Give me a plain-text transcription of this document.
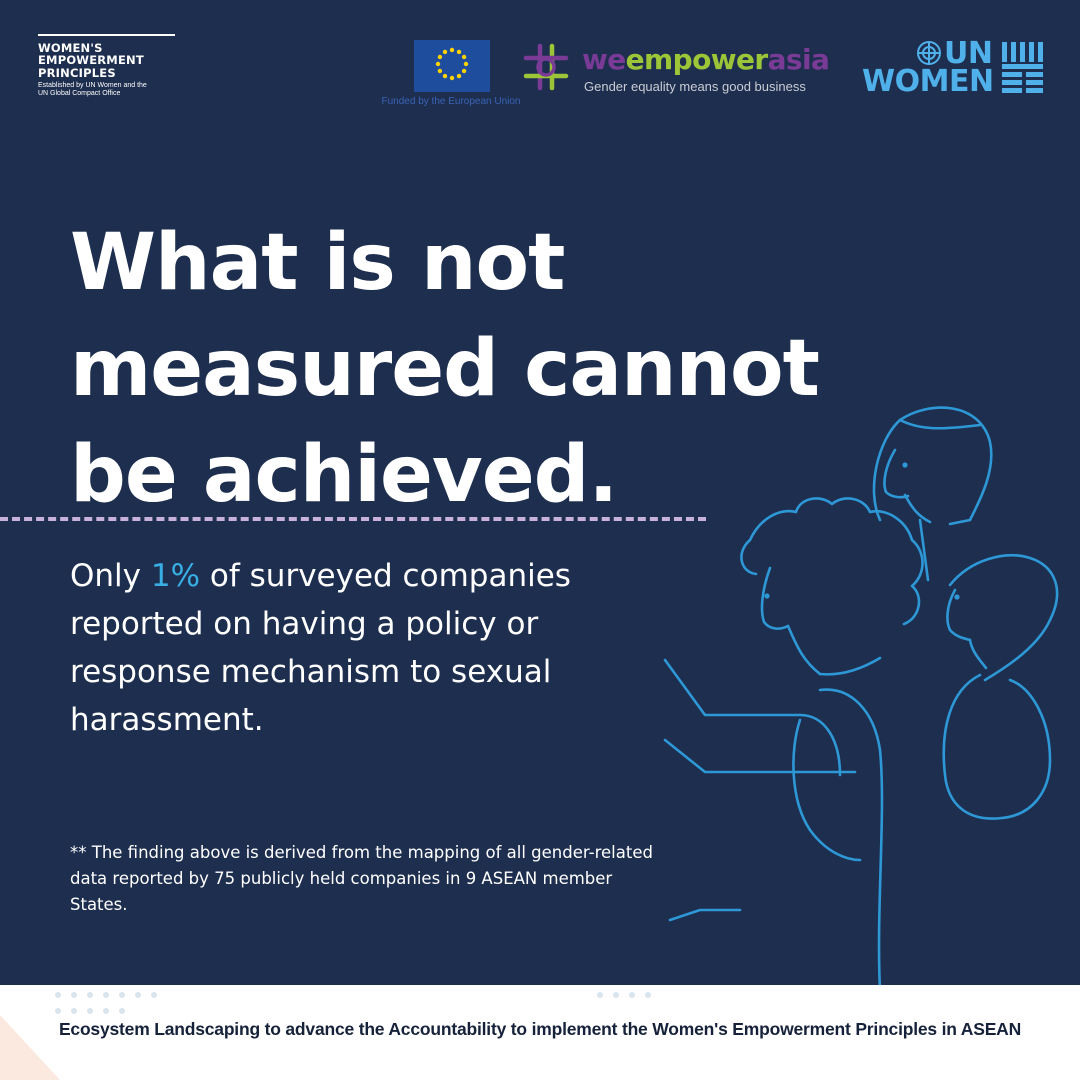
WOMEN'S
EMPOWERMENT
PRINCIPLES
Established by UN Women and the
UN Global Compact Office
Funded by the European Union
weempowerasia
Gender equality means good business
UN
WOMEN
What is not
measured cannot
be achieved.

Only 1% of surveyed companies reported on having a policy or response mechanism to sexual harassment.

** The finding above is derived from the mapping of all gender-related data reported by 75 publicly held companies in 9 ASEAN member States.

Ecosystem Landscaping to advance the Accountability to implement the Women's Empowerment Principles in ASEAN
